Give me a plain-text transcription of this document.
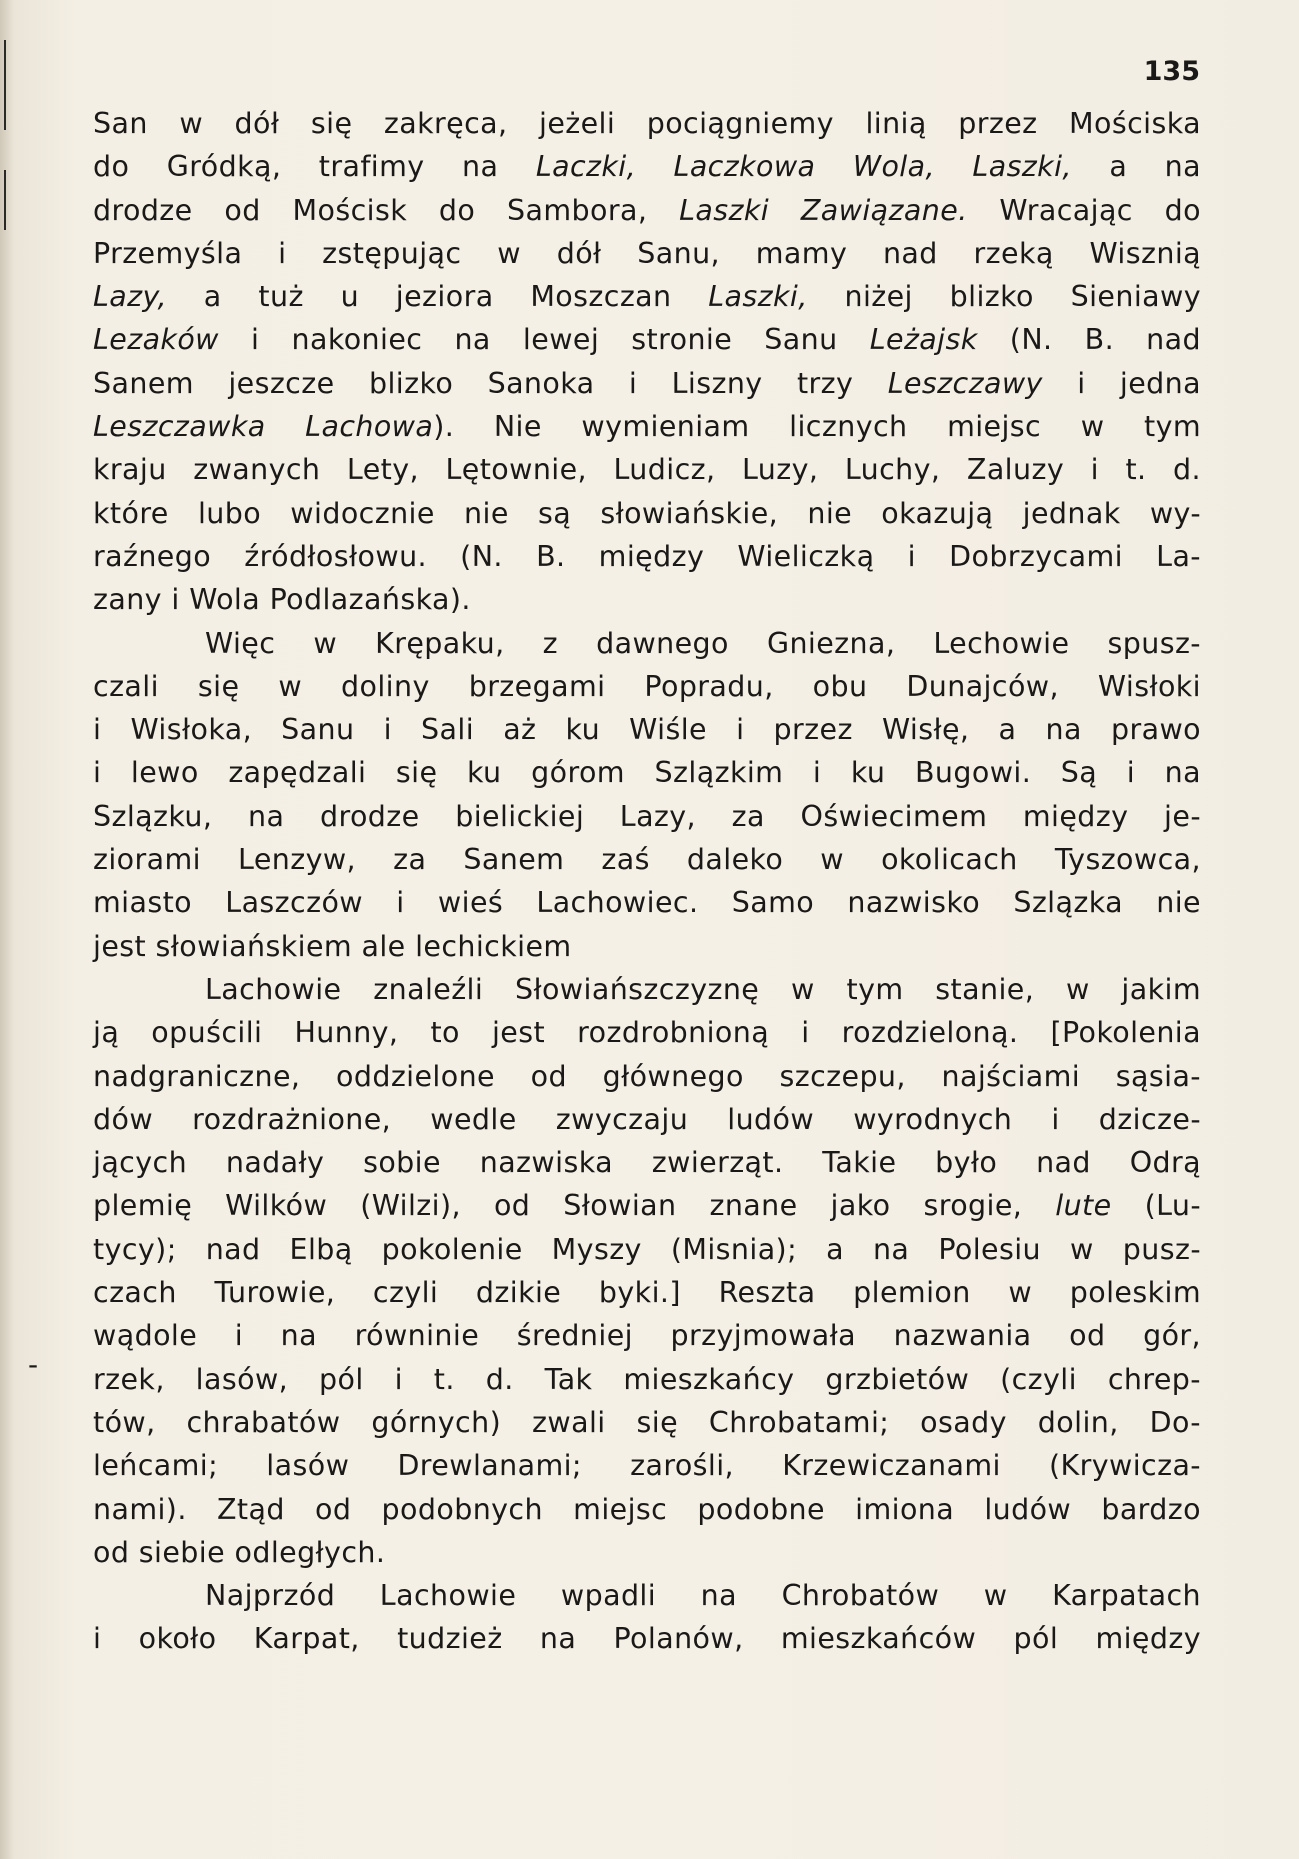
135
-
San w dół się zakręca, jeżeli pociągniemy linią przez Mościska
do Gródką, trafimy na Laczki, Laczkowa Wola, Laszki, a na
drodze od Mościsk do Sambora, Laszki Zawiązane. Wracając do
Przemyśla i zstępując w dół Sanu, mamy nad rzeką Wisznią
Lazy, a tuż u jeziora Moszczan Laszki, niżej blizko Sieniawy
Lezaków i nakoniec na lewej stronie Sanu Leżajsk (N. B. nad
Sanem jeszcze blizko Sanoka i Liszny trzy Leszczawy i jedna
Leszczawka Lachowa). Nie wymieniam licznych miejsc w tym
kraju zwanych Lety, Lętownie, Ludicz, Luzy, Luchy, Zaluzy i t. d.
które lubo widocznie nie są słowiańskie, nie okazują jednak wy-
raźnego źródłosłowu. (N. B. między Wieliczką i Dobrzycami La-
zany i Wola Podlazańska).
Więc w Krępaku, z dawnego Gniezna, Lechowie spusz-
czali się w doliny brzegami Popradu, obu Dunajców, Wisłoki
i Wisłoka, Sanu i Sali aż ku Wiśle i przez Wisłę, a na prawo
i lewo zapędzali się ku górom Szlązkim i ku Bugowi. Są i na
Szlązku, na drodze bielickiej Lazy, za Oświecimem między je-
ziorami Lenzyw, za Sanem zaś daleko w okolicach Tyszowca,
miasto Laszczów i wieś Lachowiec. Samo nazwisko Szlązka nie
jest słowiańskiem ale lechickiem
Lachowie znaleźli Słowiańszczyznę w tym stanie, w jakim
ją opuścili Hunny, to jest rozdrobnioną i rozdzieloną. [Pokolenia
nadgraniczne, oddzielone od głównego szczepu, najściami sąsia-
dów rozdrażnione, wedle zwyczaju ludów wyrodnych i dzicze-
jących nadały sobie nazwiska zwierząt. Takie było nad Odrą
plemię Wilków (Wilzi), od Słowian znane jako srogie, lute (Lu-
tycy); nad Elbą pokolenie Myszy (Misnia); a na Polesiu w pusz-
czach Turowie, czyli dzikie byki.] Reszta plemion w poleskim
wądole i na równinie średniej przyjmowała nazwania od gór,
rzek, lasów, pól i t. d. Tak mieszkańcy grzbietów (czyli chrep-
tów, chrabatów górnych) zwali się Chrobatami; osady dolin, Do-
leńcami; lasów Drewlanami; zarośli, Krzewiczanami (Krywicza-
nami). Ztąd od podobnych miejsc podobne imiona ludów bardzo
od siebie odległych.
Najprzód Lachowie wpadli na Chrobatów w Karpatach
i około Karpat, tudzież na Polanów, mieszkańców pól między
